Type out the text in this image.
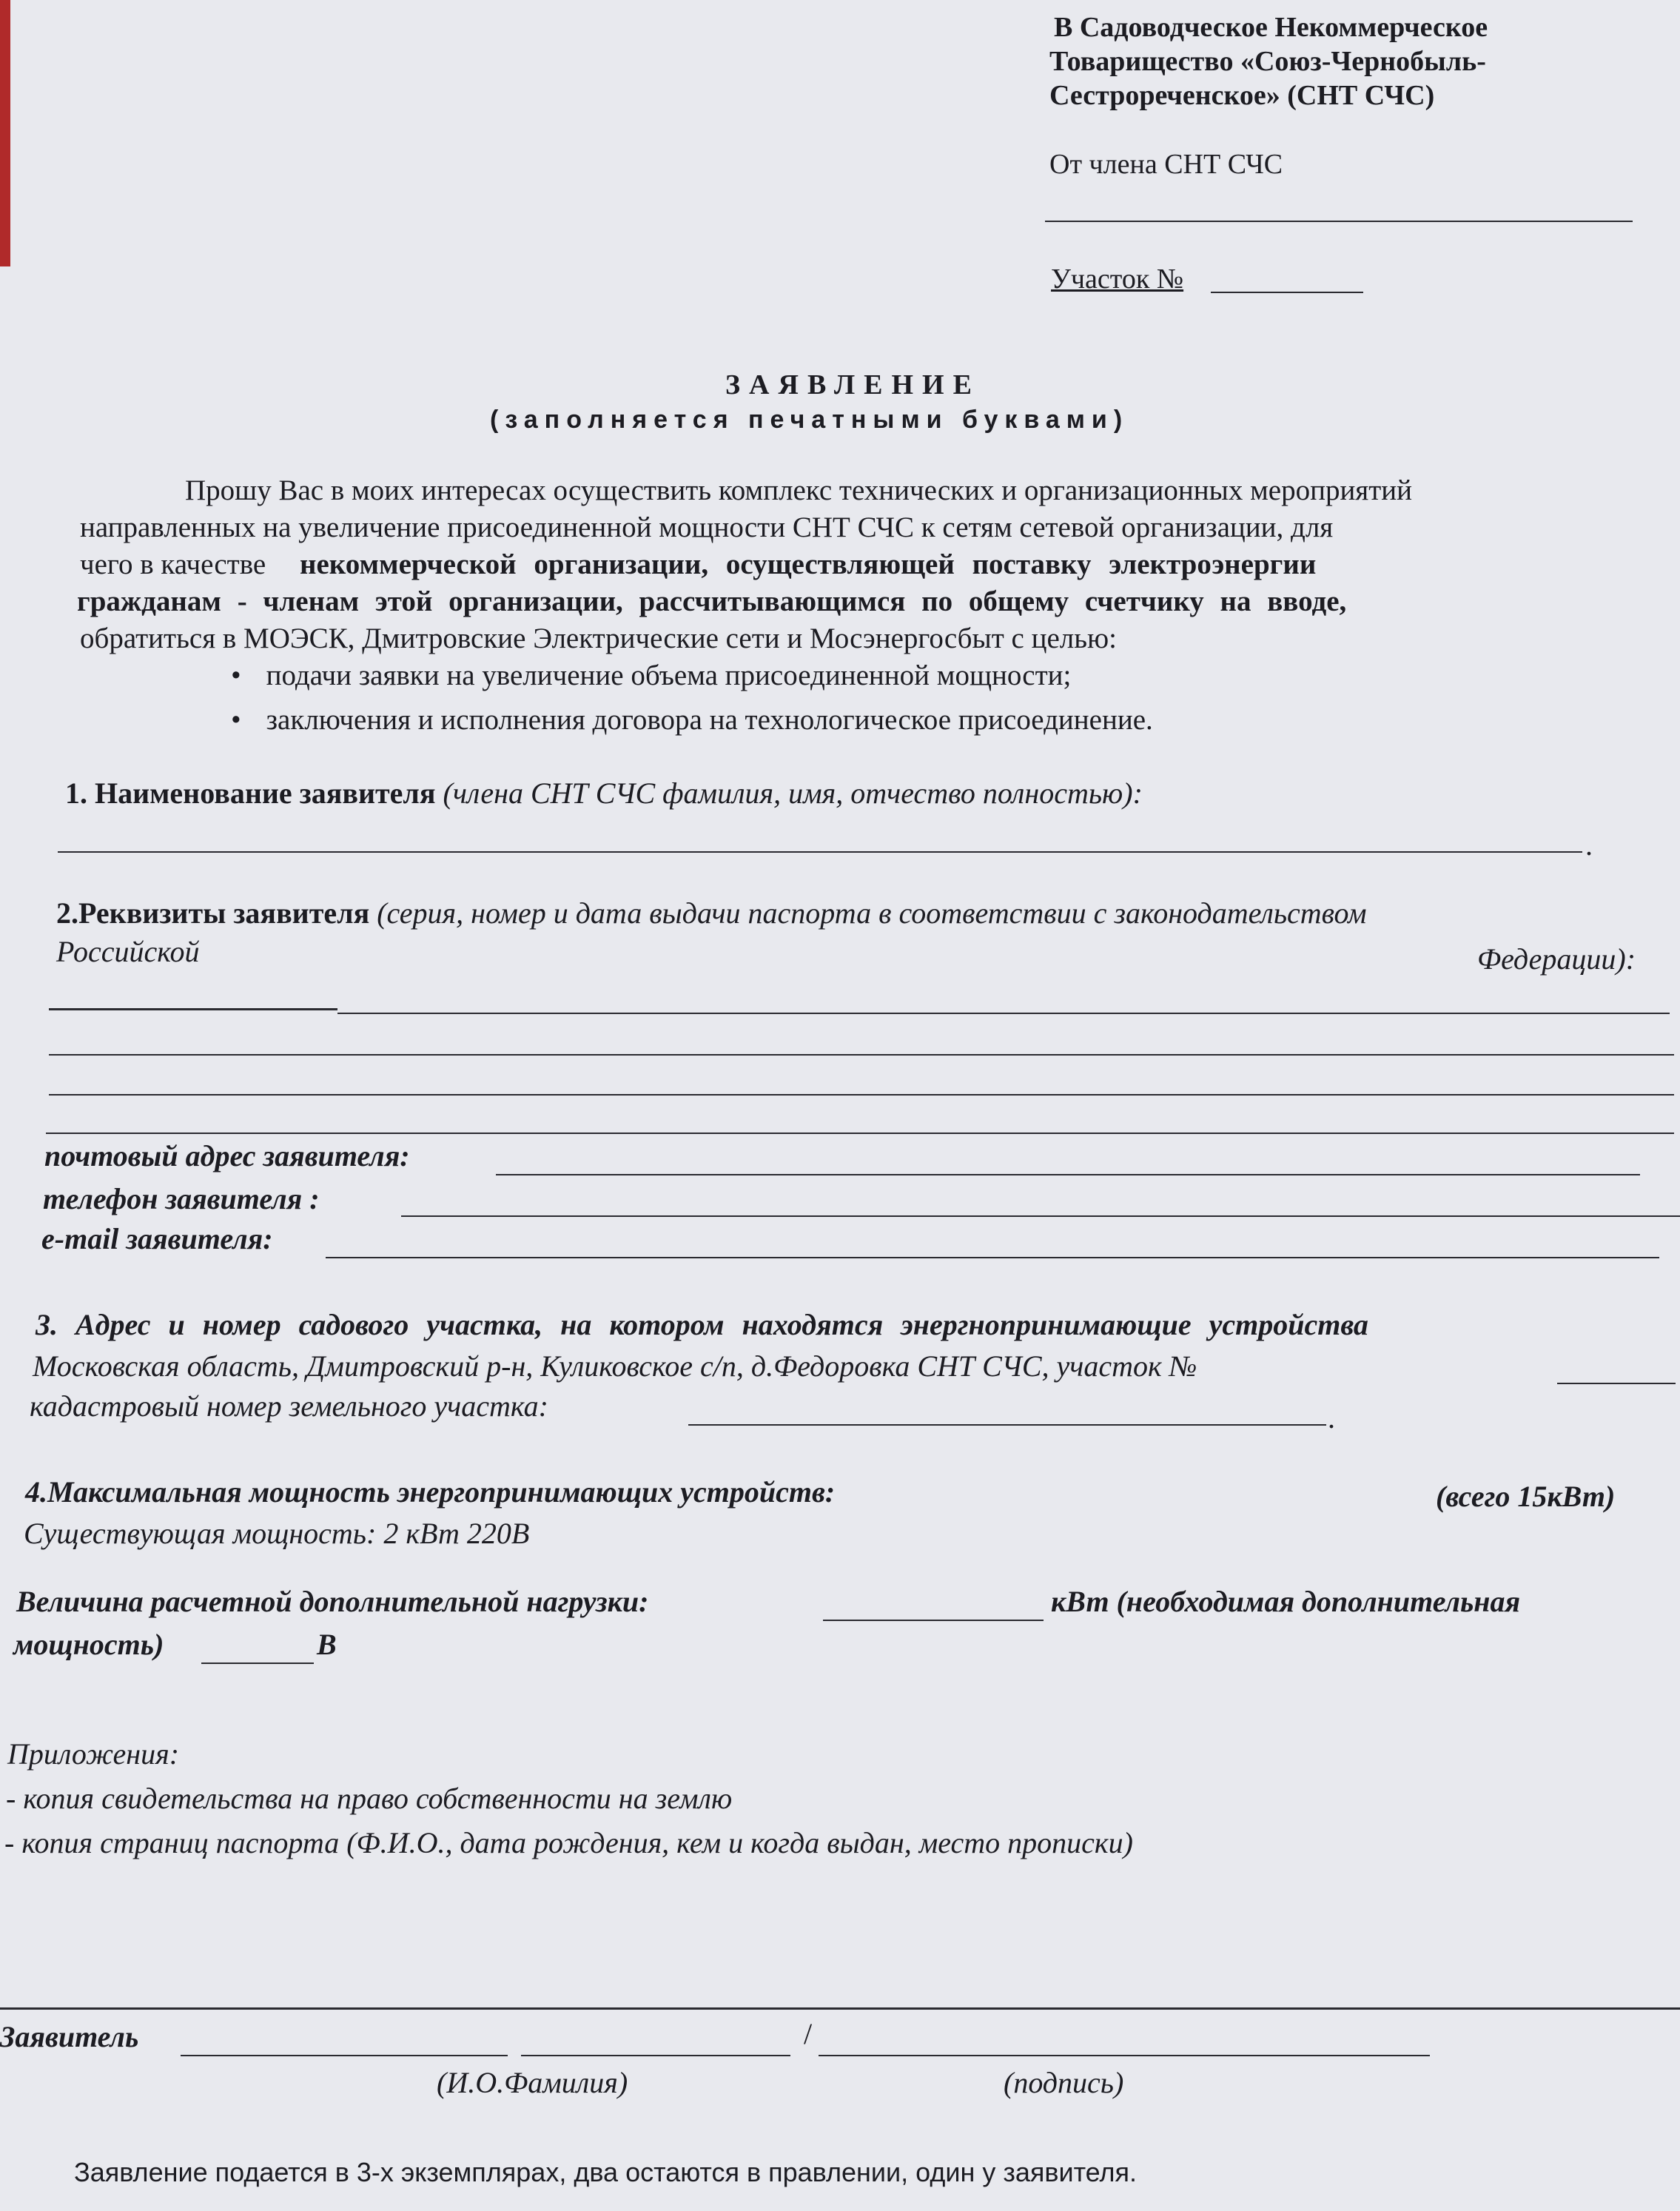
В Садоводческое Некоммерческое
Товарищество «Союз-Чернобыль-
Сестрореченское» (СНТ СЧС)
От члена СНТ СЧС
Участок №
ЗАЯВЛЕНИЕ
(заполняется печатными буквами)
Прошу Вас в моих интересах осуществить комплекс технических и организационных мероприятий
направленных на увеличение присоединенной мощности СНТ СЧС к сетям сетевой организации, для
чего в качестве некоммерческой организации, осуществляющей поставку электроэнергии
гражданам - членам этой организации, рассчитывающимся по общему счетчику на вводе,
обратиться в МОЭСК, Дмитровские Электрические сети и Мосэнергосбыт с целью:
• подачи заявки на увеличение объема присоединенной мощности;
• заключения и исполнения договора на технологическое присоединение.
1. Наименование заявителя (члена СНТ СЧС фамилия, имя, отчество полностью):
.
2.Реквизиты заявителя (серия, номер и дата выдачи паспорта в соответствии с законодательством
Российской	Федерации):
почтовый адрес заявителя:
телефон заявителя :
e-mail заявителя:
3. Адрес и номер садового участка, на котором находятся энергнопринимающие устройства
Московская область, Дмитровский р-н, Куликовское с/п, д.Федоровка СНТ СЧС, участок №
кадастровый номер земельного участка:	.
4.Максимальная мощность энергопринимающих устройств:	(всего 15кВт)
Существующая мощность: 2 кВт 220В
Величина расчетной дополнительной нагрузки:	кВт (необходимая дополнительная
мощность)	В
Приложения:
- копия свидетельства на право собственности на землю
- копия страниц паспорта (Ф.И.О., дата рождения, кем и когда выдан, место прописки)
Заявитель	/
(И.О.Фамилия)	(подпись)
Заявление подается в 3-х экземплярах, два остаются в правлении, один у заявителя.
